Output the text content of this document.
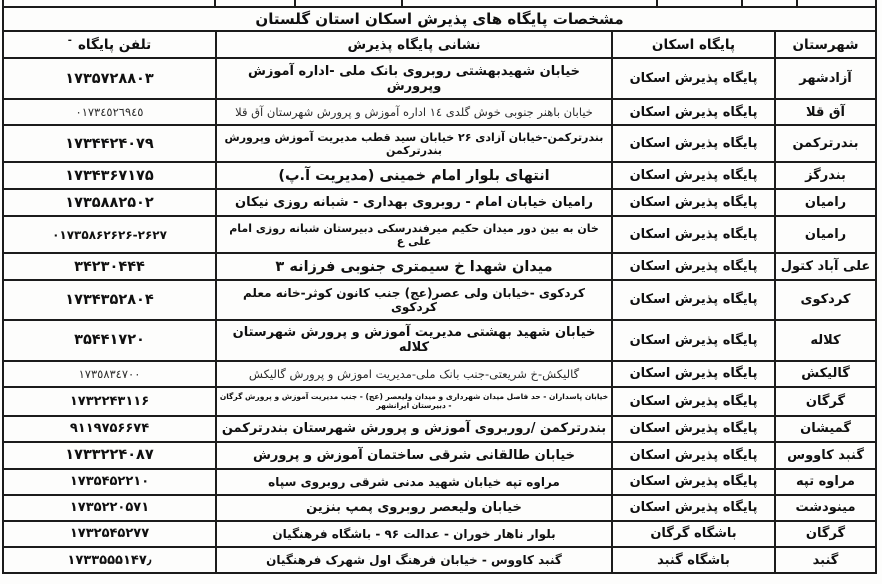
مشخصات پایگاه های پذیرش اسکان استان گلستان
شهرستان
پایگاه اسکان
نشانی پایگاه پذیرش
تلفن پایگاه
-
آزادشهر
پایگاه پذیرش اسکان
خیابان شهیدبهشتی روبروی بانک ملی -اداره آموزش وپرورش
۱۷۳۵۷۲۸۸۰۳
آق قلا
پایگاه پذیرش اسکان
خیابان باهنر جنوبی خوش گلدی ١٤ اداره آموزش و پرورش شهرستان آق قلا
٠١٧٣٤٥٢٦٩٤٥
بندرترکمن
پایگاه پذیرش اسکان
بندرترکمن-خیابان آزادی ۲۶ خیابان سید قطب مدیریت آموزش وپرورش بندرترکمن
۱۷۳۴۴۲۴۰۷۹
بندرگز
پایگاه پذیرش اسکان
انتهای بلوار امام خمینی (مدیریت آ.پ)
۱۷۳۴۳۶۷۱۷۵
رامیان
پایگاه پذیرش اسکان
رامیان خیابان امام - روبروی بهداری - شبانه روزی نیکان
۱۷۳۵۸۸۲۵۰۲
رامیان
پایگاه پذیرش اسکان
خان به بین دور میدان حکیم میرفندرسکی دبیرستان شبانه روزی امام علی ع
۰۱۷۳۵۸۶۲۶۲۶-۲۶۲۷
علی آباد کتول
پایگاه پذیرش اسکان
میدان شهدا خ سیمتری جنوبی فرزانه ۳
۳۴۲۳۰۴۴۴
کردکوی
پایگاه پذیرش اسکان
کردکوی -خیابان ولی عصر(عج) جنب کانون کوثر-خانه معلم کردکوی
۱۷۳۴۳۵۲۸۰۴
کلاله
پایگاه پذیرش اسکان
خیابان شهید بهشتی مدیریت آموزش و پرورش شهرستان کلاله
۳۵۴۴۱۷۲۰
گالیکش
پایگاه پذیرش اسکان
گالیکش-خ شریعتی-جنب بانک ملی-مدیریت اموزش و پرورش گالیکش
١٧٣٥٨٣٤٧٠٠
گرگان
پایگاه پذیرش اسکان
خیابان پاسداران - حد فاصل میدان شهرداری و میدان ولیعصر (عج) - جنب مدیریت آموزش و پرورش گرگان - دبیرستان ایرانشهر
۱۷۳۲۲۴۳۱۱۶
گمیشان
پایگاه پذیرش اسکان
بندرترکمن /روربروی آموزش و پرورش شهرستان بندرترکمن
۹۱۱۹۷۵۶۶۷۴
گنبد کاووس
پایگاه پذیرش اسکان
خیابان طالقانی شرقی ساختمان آموزش و پرورش
۱۷۳۳۲۲۴۰۸۷
مراوه تپه
پایگاه پذیرش اسکان
مراوه تپه خیابان شهید مدنی شرقی روبروی سپاه
۱۷۳۵۴۵۲۲۱۰
مینودشت
پایگاه پذیرش اسکان
خیابان ولیعصر روبروی پمپ بنزین
۱۷۳۵۲۲۰۵۷۱
گرگان
باشگاه گرگان
بلوار ناهار خوران - عدالت ۹۶ - باشگاه فرهنگیان
۱۷۳۲۵۴۵۲۷۷
گنبد
باشگاه گنبد
گنبد کاووس - خیابان فرهنگ اول شهرک فرهنگیان
۱۷۳۳۵۵۵۱۴۷٫
